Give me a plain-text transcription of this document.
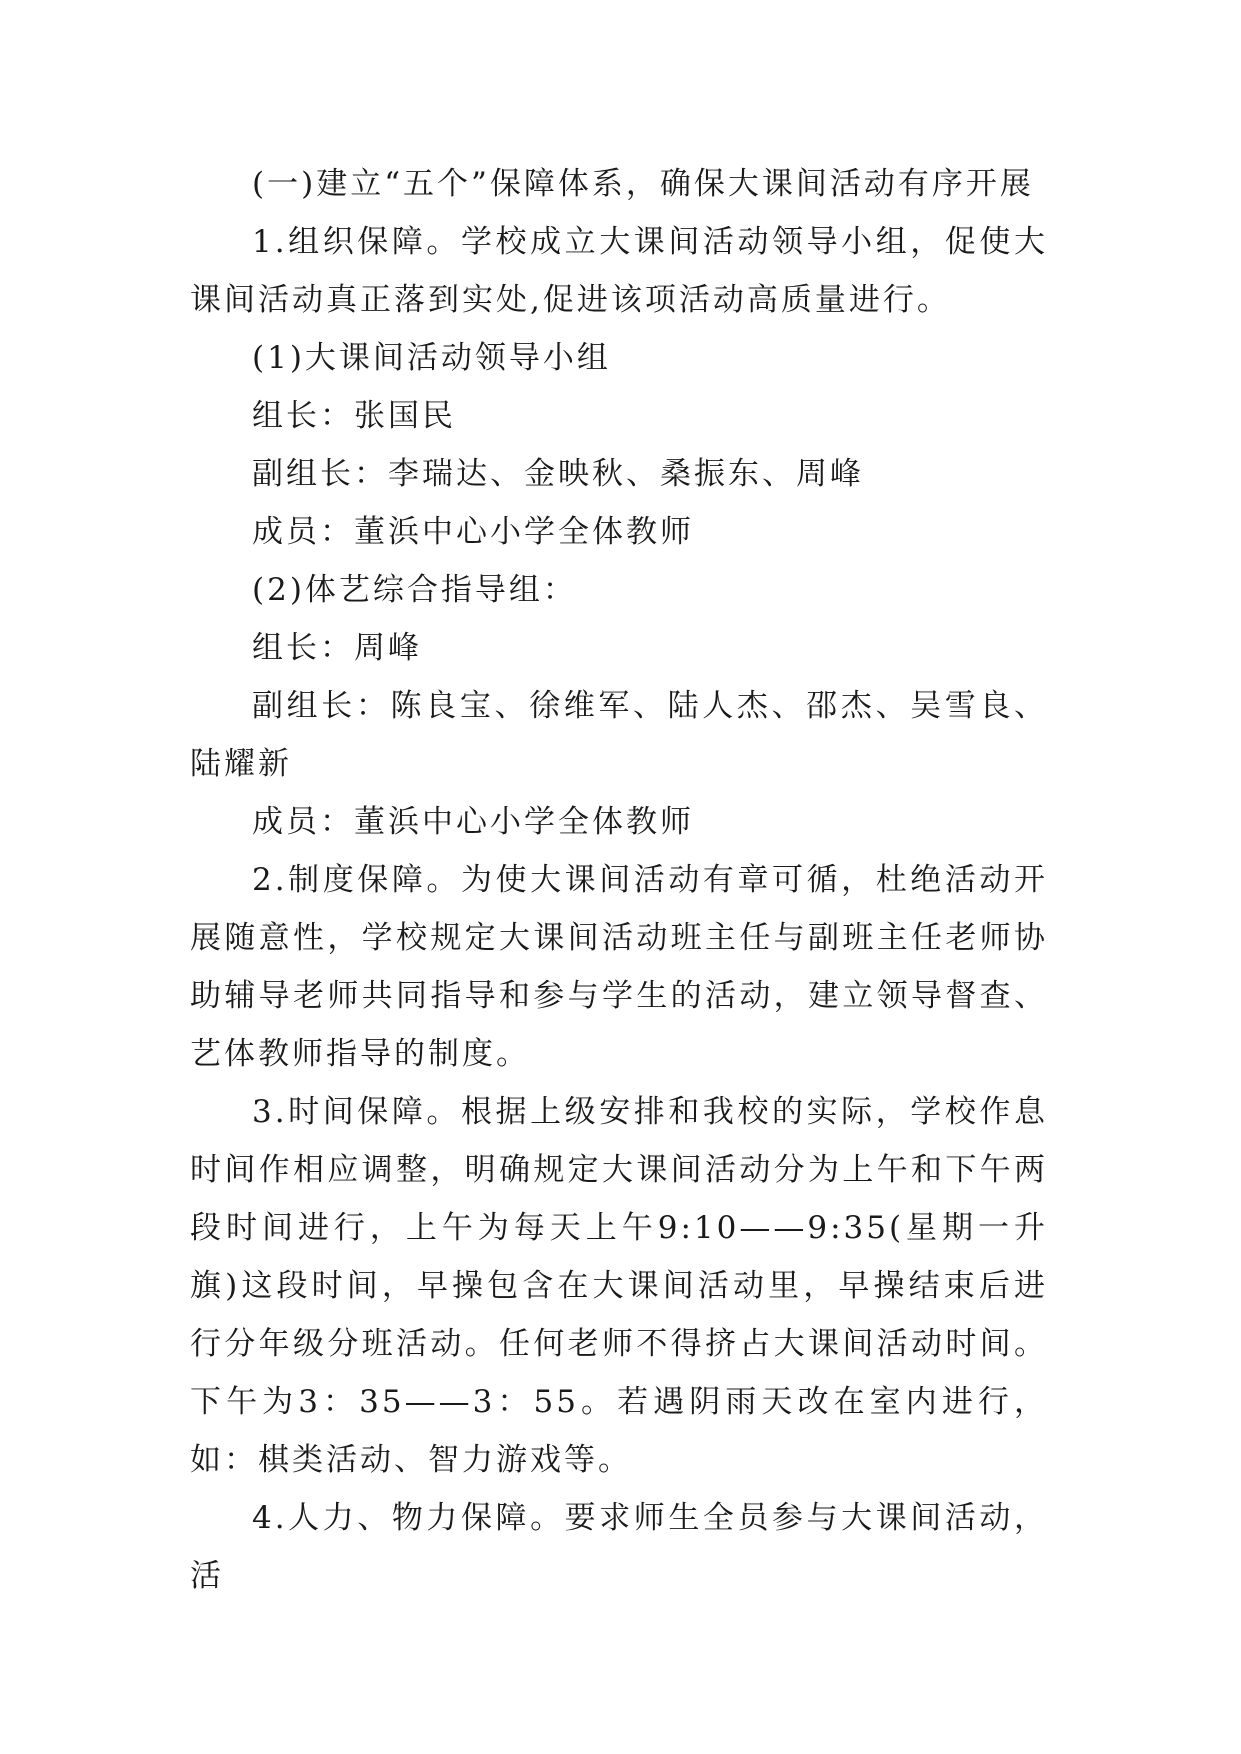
(一)建立“五个”保障体系，确保大课间活动有序开展

1.组织保障。学校成立大课间活动领导小组，促使大课间活动真正落到实处,促进该项活动高质量进行。

(1)大课间活动领导小组

组长：张国民

副组长：李瑞达、金映秋、桑振东、周峰

成员：董浜中心小学全体教师

(2)体艺综合指导组：

组长：周峰

副组长：陈良宝、徐维军、陆人杰、邵杰、吴雪良、陆耀新

成员：董浜中心小学全体教师

2.制度保障。为使大课间活动有章可循，杜绝活动开展随意性，学校规定大课间活动班主任与副班主任老师协助辅导老师共同指导和参与学生的活动，建立领导督查、艺体教师指导的制度。

3.时间保障。根据上级安排和我校的实际，学校作息时间作相应调整，明确规定大课间活动分为上午和下午两段时间进行，上午为每天上午9:10——9:35(星期一升旗)这段时间，早操包含在大课间活动里，早操结束后进行分年级分班活动。任何老师不得挤占大课间活动时间。下午为3：35——3：55。若遇阴雨天改在室内进行，如：棋类活动、智力游戏等。

4.人力、物力保障。要求师生全员参与大课间活动，活
